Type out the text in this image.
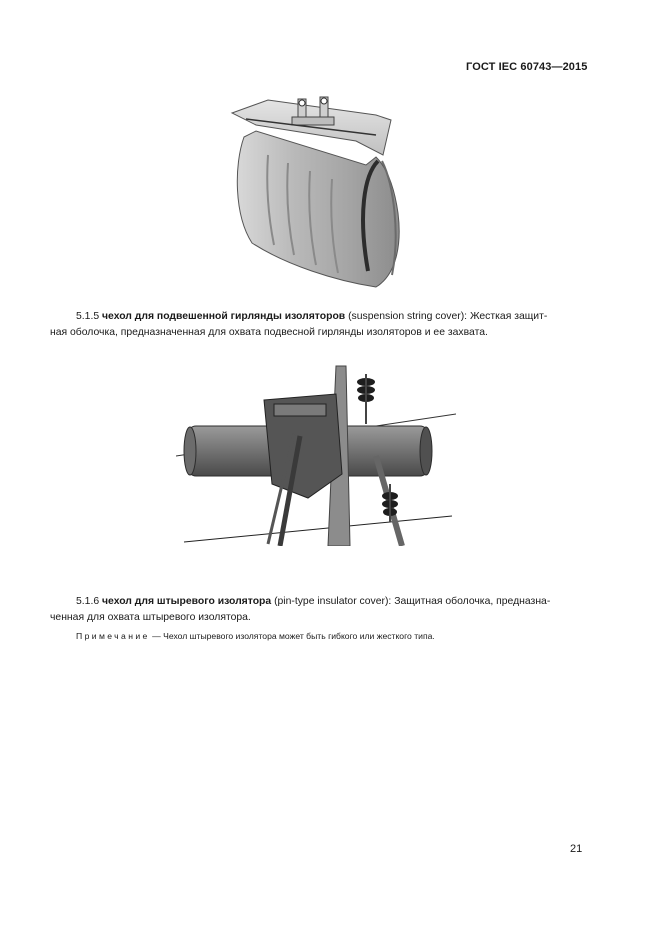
ГОСТ IEC 60743—2015
5.1.5 чехол для подвешенной гирлянды изоляторов (suspension string cover): Жесткая защит-
ная оболочка, предназначенная для охвата подвесной гирлянды изоляторов и ее захвата.
5.1.6 чехол для штыревого изолятора (pin-type insulator cover): Защитная оболочка, предназна-
ченная для охвата штыревого изолятора.
Примечание — Чехол штыревого изолятора может быть гибкого или жесткого типа.
21
